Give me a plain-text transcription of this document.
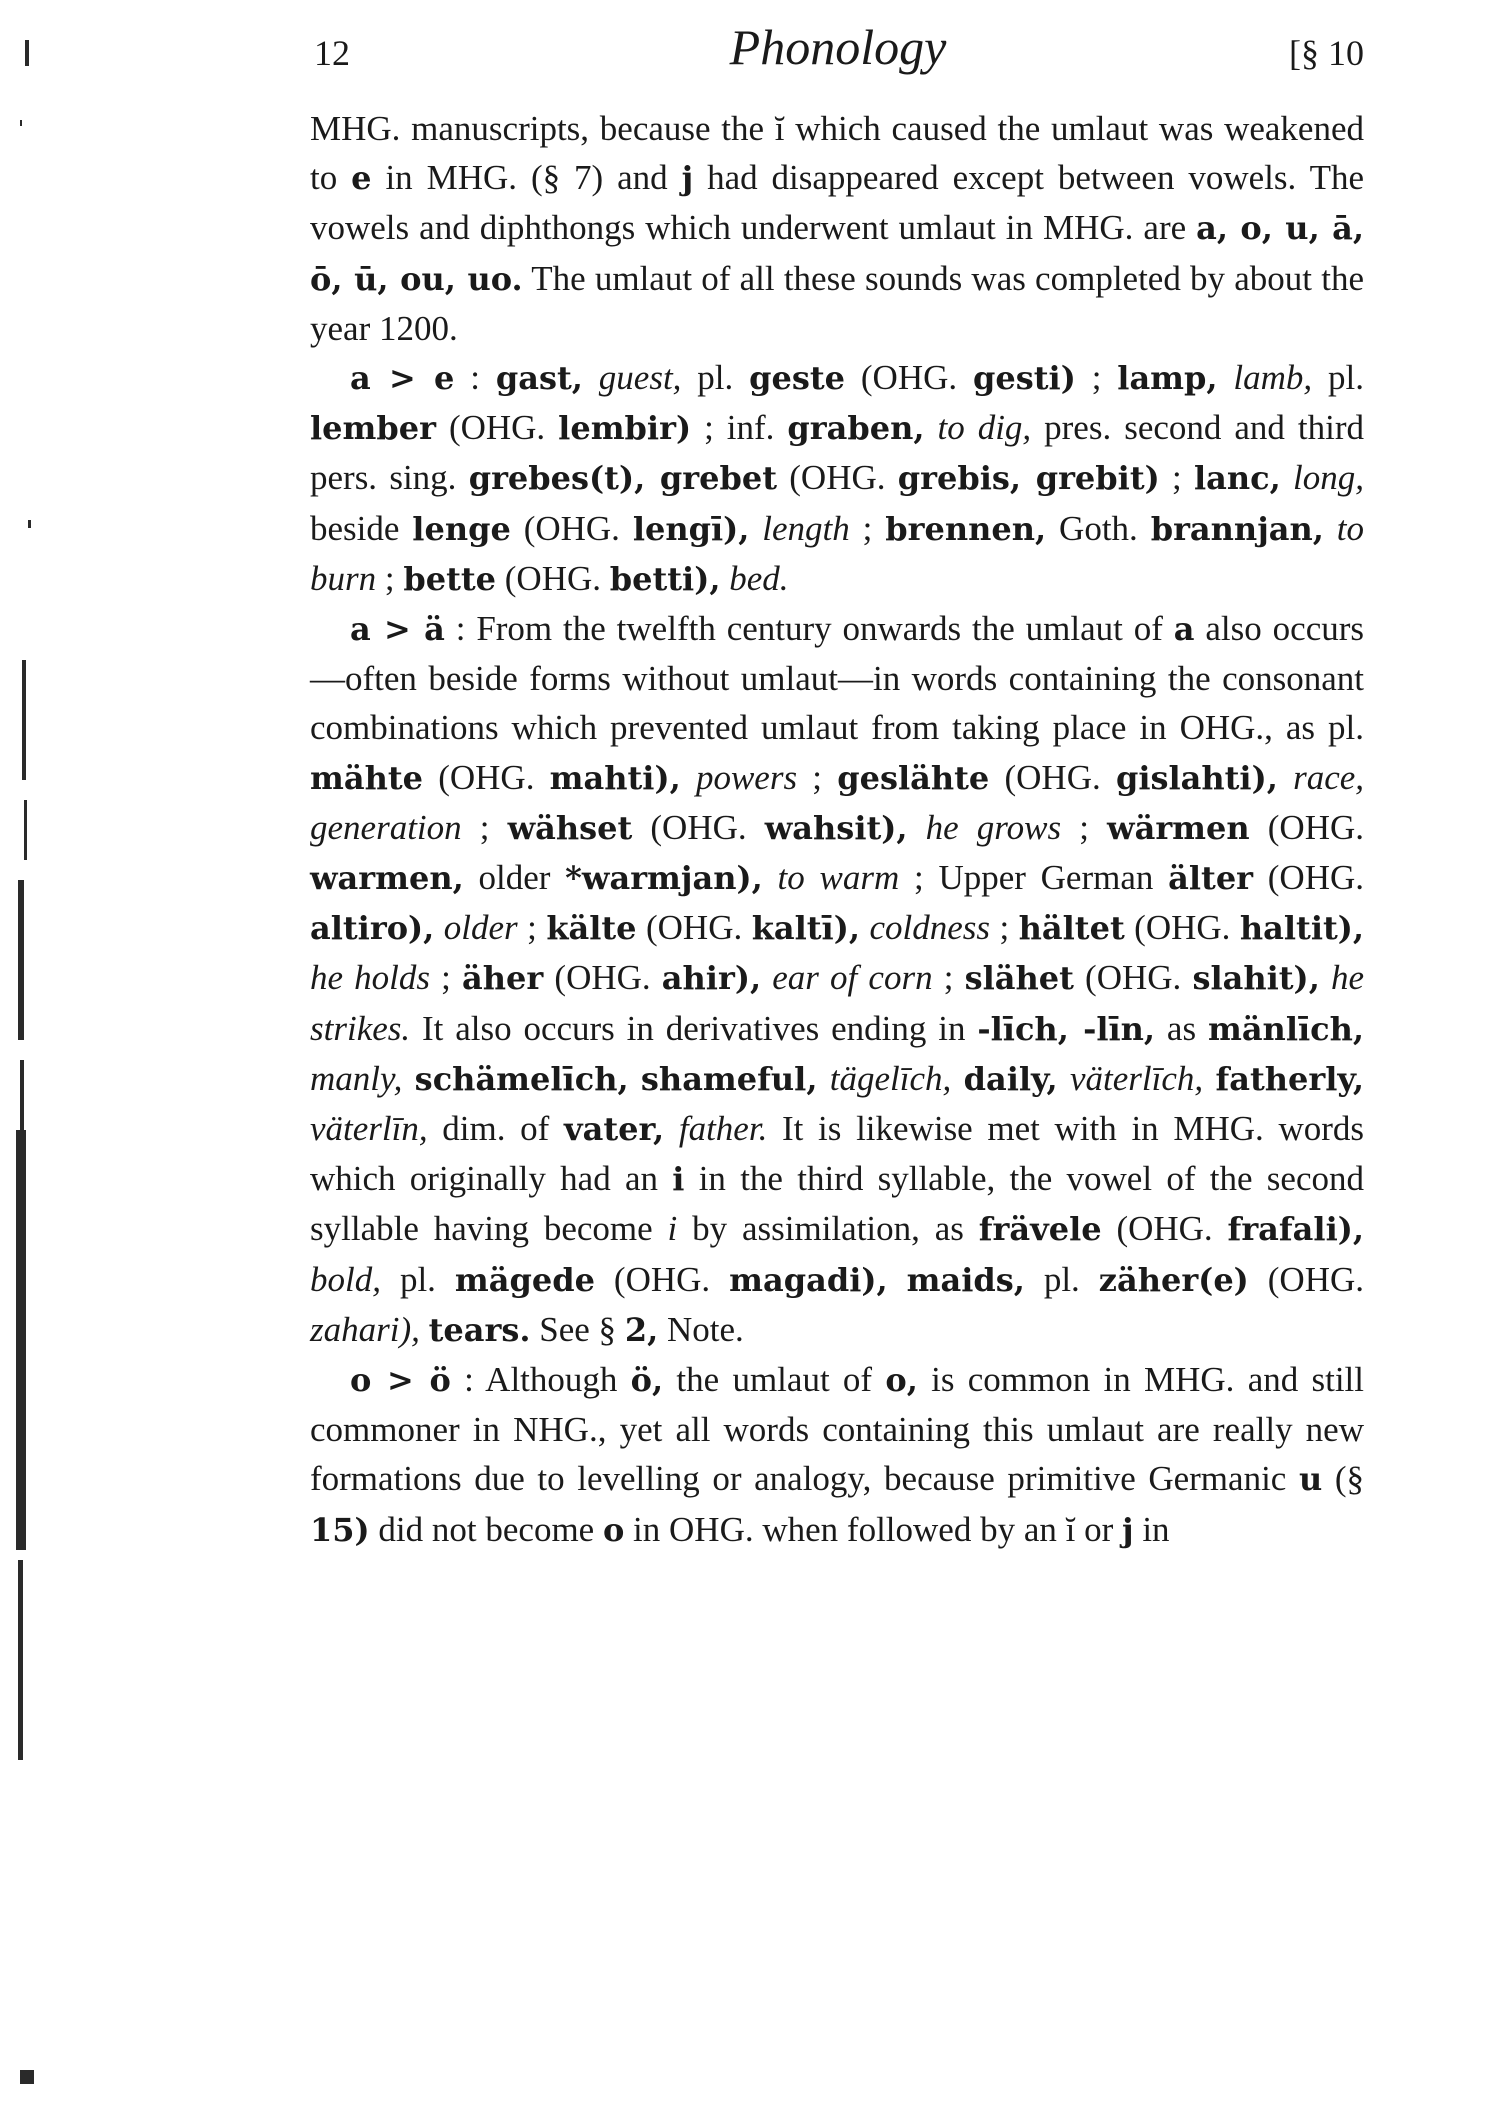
12	Phonology	[§ 10

MHG. manuscripts, because the ĭ which caused the umlaut was weakened to e in MHG. (§ 7) and j had disappeared except between vowels. The vowels and diphthongs which underwent umlaut in MHG. are a, o, u, ā, ō, ū, ou, uo. The umlaut of all these sounds was completed by about the year 1200.

a > e : gast, guest, pl. geste (OHG. gesti) ; lamp, lamb, pl. lember (OHG. lembir) ; inf. graben, to dig, pres. second and third pers. sing. grebes(t), grebet (OHG. grebis, grebit) ; lanc, long, beside lenge (OHG. lengī), length ; brennen, Goth. brannjan, to burn ; bette (OHG. betti), bed.

a > ä : From the twelfth century onwards the umlaut of a also occurs—often beside forms without umlaut—in words containing the consonant combinations which prevented umlaut from taking place in OHG., as pl. mähte (OHG. mahti), powers ; geslähte (OHG. gislahti), race, generation ; wähset (OHG. wahsit), he grows ; wärmen (OHG. warmen, older *warmjan), to warm ; Upper German älter (OHG. altiro), older ; kälte (OHG. kaltī), coldness ; hältet (OHG. haltit), he holds ; äher (OHG. ahir), ear of corn ; slähet (OHG. slahit), he strikes. It also occurs in derivatives ending in -līch, -līn, as mänlīch, manly, schämelīch, shameful, tägelīch, daily, väterlīch, fatherly, väterlīn, dim. of vater, father. It is likewise met with in MHG. words which originally had an i in the third syllable, the vowel of the second syllable having become i by assimilation, as frävele (OHG. frafali), bold, pl. mägede (OHG. magadi), maids, pl. zäher(e) (OHG. zahari), tears. See § 2, Note.

o > ö : Although ö, the umlaut of o, is common in MHG. and still commoner in NHG., yet all words containing this umlaut are really new formations due to levelling or analogy, because primitive Germanic u (§ 15) did not become o in OHG. when followed by an ĭ or j in
